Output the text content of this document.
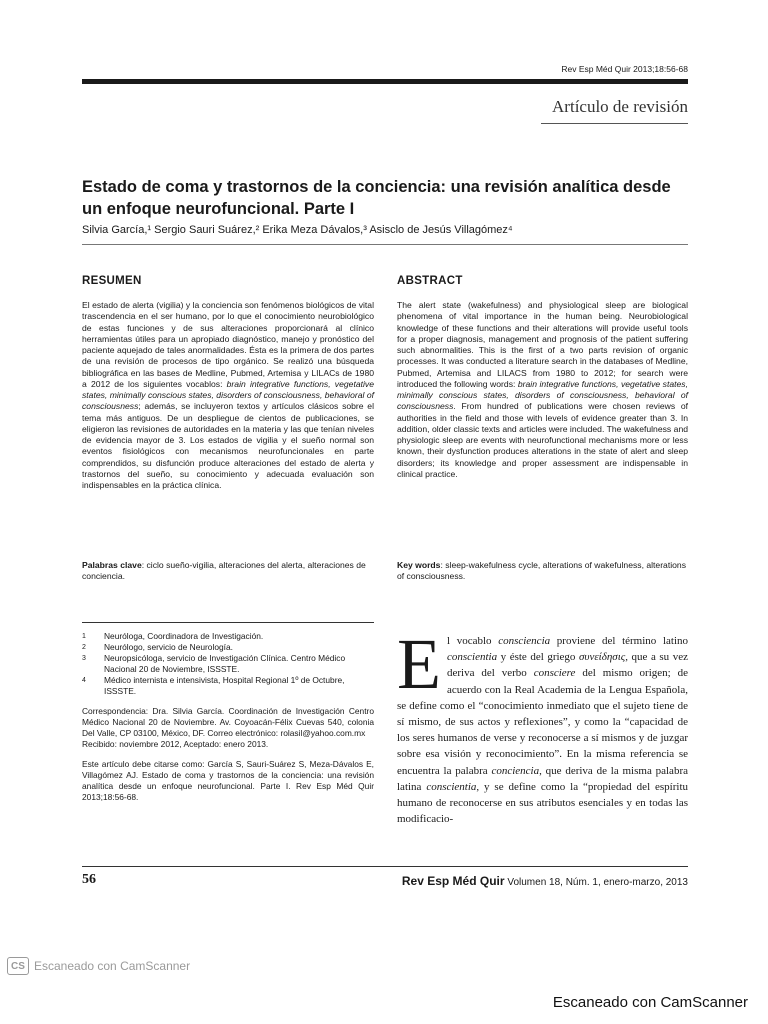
Rev Esp Méd Quir 2013;18:56-68
Artículo de revisión
Estado de coma y trastornos de la conciencia: una revisión analítica desde un enfoque neurofuncional. Parte I
Silvia García,¹ Sergio Sauri Suárez,² Erika Meza Dávalos,³ Asisclo de Jesús Villagómez⁴
RESUMEN
El estado de alerta (vigilia) y la conciencia son fenómenos biológicos de vital trascendencia en el ser humano, por lo que el conocimiento neurobiológico de estas funciones y de sus alteraciones proporcionará al clínico herramientas útiles para un apropiado diagnóstico, manejo y pronóstico del paciente aquejado de tales anormalidades. Ésta es la primera de dos partes de una revisión de procesos de tipo orgánico. Se realizó una búsqueda bibliográfica en las bases de Medline, Pubmed, Artemisa y LILACs de 1980 a 2012 de los siguientes vocablos: brain integrative functions, vegetative states, minimally conscious states, disorders of consciousness, behavioral of consciousness; además, se incluyeron textos y artículos clásicos sobre el tema más antiguos. De un despliegue de cientos de publicaciones, se eligieron las revisiones de autoridades en la materia y las que tenían niveles de evidencia mayor de 3. Los estados de vigilia y el sueño normal son eventos fisiológicos con mecanismos neurofuncionales en parte comprendidos, su disfunción produce alteraciones del estado de alerta y trastornos del sueño, su conocimiento y adecuada evaluación son indispensables en la práctica clínica.
Palabras clave: ciclo sueño-vigilia, alteraciones del alerta, alteraciones de conciencia.
ABSTRACT
The alert state (wakefulness) and physiological sleep are biological phenomena of vital importance in the human being. Neurobiological knowledge of these functions and their alterations will provide useful tools for a proper diagnosis, management and prognosis of the patient suffering such abnormalities. This is the first of a two parts revision of organic processes. It was conducted a literature search in the databases of Medline, Pubmed, Artemisa and LILACS from 1980 to 2012; for search were introduced the following words: brain integrative functions, vegetative states, minimally conscious states, disorders of consciousness, behavioral of consciousness. From hundred of publications were chosen reviews of authorities in the field and those with levels of evidence greater than 3. In addition, older classic texts and articles were included. The wakefulness and physiologic sleep are events with neurofunctional mechanisms more or less known, their dysfunction produces alterations in the state of alert and sleep disorders; its knowledge and proper assessment are indispensable in clinical practice.
Key words: sleep-wakefulness cycle, alterations of wakefulness, alterations of consciousness.
1	Neuróloga, Coordinadora de Investigación.
2	Neurólogo, servicio de Neurología.
3	Neuropsicóloga, servicio de Investigación Clínica. Centro Médico Nacional 20 de Noviembre, ISSSTE.
4	Médico internista e intensivista, Hospital Regional 1º de Octubre, ISSSTE.
Correspondencia: Dra. Silvia García. Coordinación de Investigación Centro Médico Nacional 20 de Noviembre. Av. Coyoacán-Félix Cuevas 540, colonia Del Valle, CP 03100, México, DF. Correo electrónico: rolasil@yahoo.com.mx
Recibido: noviembre 2012, Aceptado: enero 2013.
Este artículo debe citarse como: García S, Sauri-Suárez S, Meza-Dávalos E, Villagómez AJ. Estado de coma y trastornos de la conciencia: una revisión analítica desde un enfoque neurofuncional. Parte I. Rev Esp Méd Quir 2013;18:56-68.
El vocablo consciencia proviene del término latino conscientia y éste del griego συνείδησις, que a su vez deriva del verbo consciere del mismo origen; de acuerdo con la Real Academia de la Lengua Española, se define como el “conocimiento inmediato que el sujeto tiene de sí mismo, de sus actos y reflexiones”, y como la “capacidad de los seres humanos de verse y reconocerse a sí mismos y de juzgar sobre esa visión y reconocimiento”. En la misma referencia se encuentra la palabra conciencia, que deriva de la misma palabra latina conscientia, y se define como la “propiedad del espíritu humano de reconocerse en sus atributos esenciales y en todas las modificacio-
56	Rev Esp Méd Quir Volumen 18, Núm. 1, enero-marzo, 2013
CS Escaneado con CamScanner
Escaneado con CamScanner
